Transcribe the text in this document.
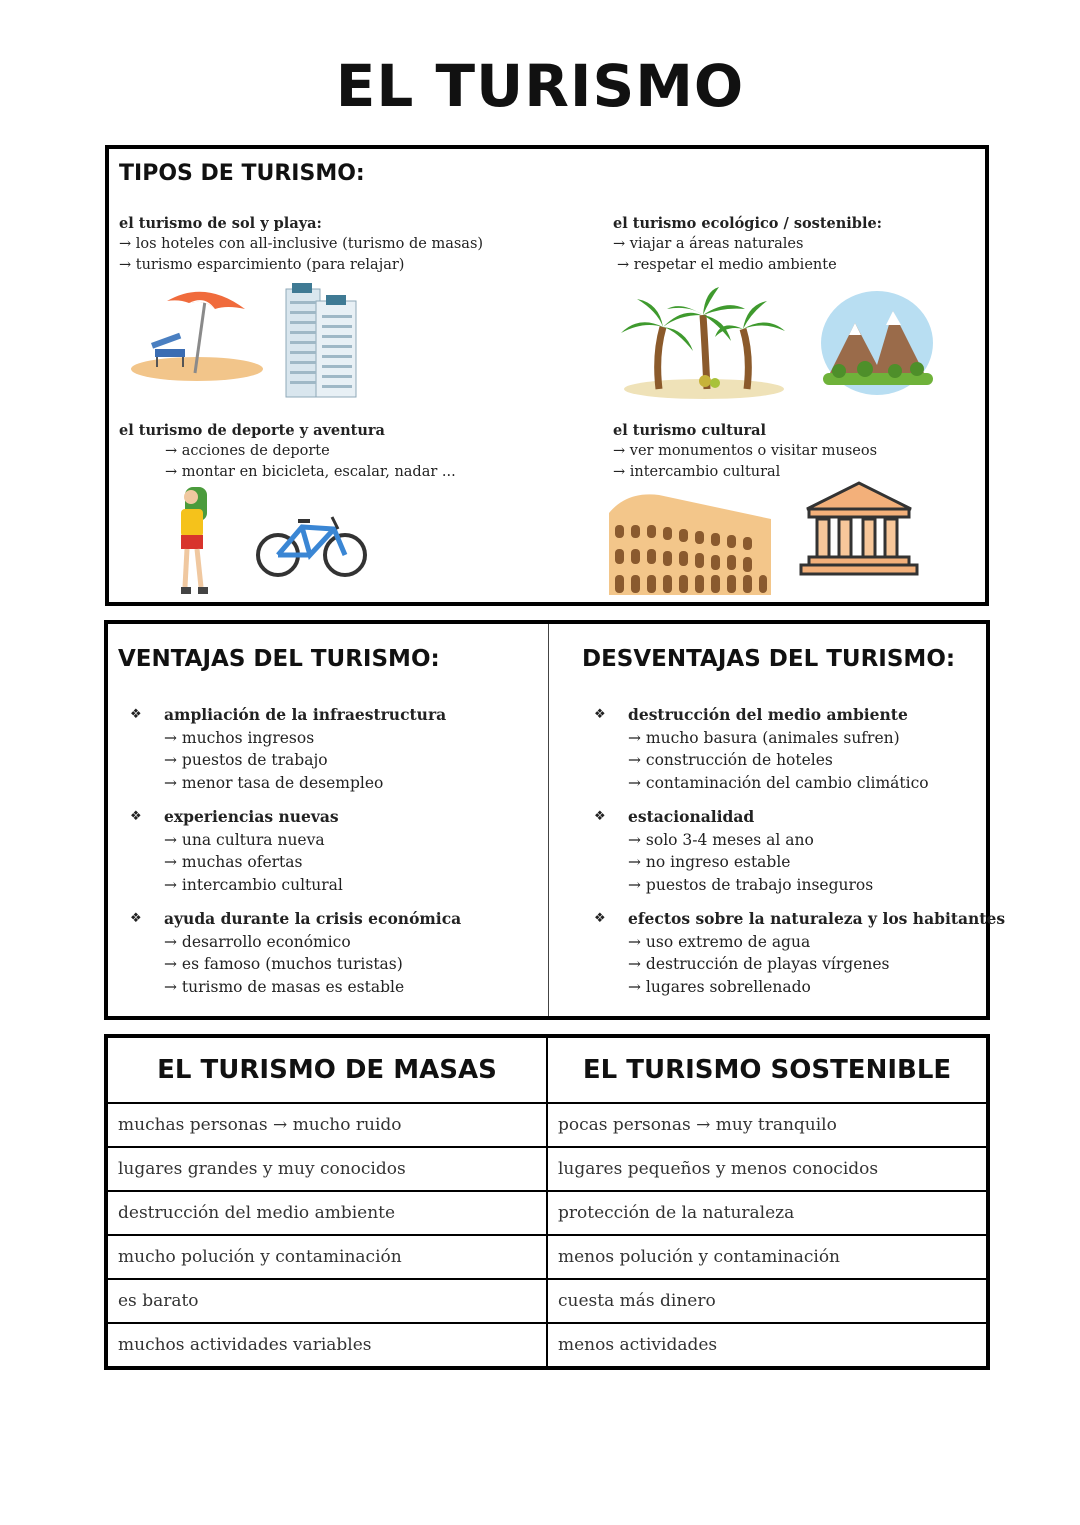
EL TURISMO
TIPOS DE TURISMO:
el turismo de sol y playa:
→ los hoteles con all-inclusive (turismo de masas)
→ turismo esparcimiento (para relajar)
el turismo ecológico / sostenible:
→ viajar a áreas naturales
→ respetar el medio ambiente
el turismo de deporte y aventura
→ acciones de deporte
→ montar en bicicleta, escalar, nadar ...
el turismo cultural
→ ver monumentos o visitar museos
→ intercambio cultural
VENTAJAS DEL TURISMO:
❖ ampliación de la infraestructura
→ muchos ingresos
→ puestos de trabajo
→ menor tasa de desempleo
❖ experiencias nuevas
→ una cultura nueva
→ muchas ofertas
→ intercambio cultural
❖ ayuda durante la crisis económica
→ desarrollo económico
→ es famoso (muchos turistas)
→ turismo de masas es estable
DESVENTAJAS DEL TURISMO:
❖ destrucción del medio ambiente
→ mucho basura (animales sufren)
→ construcción de hoteles
→ contaminación del cambio climático
❖ estacionalidad
→ solo 3-4 meses al ano
→ no ingreso estable
→ puestos de trabajo inseguros
❖ efectos sobre la naturaleza y los habitantes
→ uso extremo de agua
→ destrucción de playas vírgenes
→ lugares sobrellenado
EL TURISMO DE MASAS	EL TURISMO SOSTENIBLE
muchas personas → mucho ruido	pocas personas → muy tranquilo
lugares grandes y muy conocidos	lugares pequeños y menos conocidos
destrucción del medio ambiente	protección de la naturaleza
mucho polución y contaminación	menos polución y contaminación
es barato	cuesta más dinero
muchos actividades variables	menos actividades
